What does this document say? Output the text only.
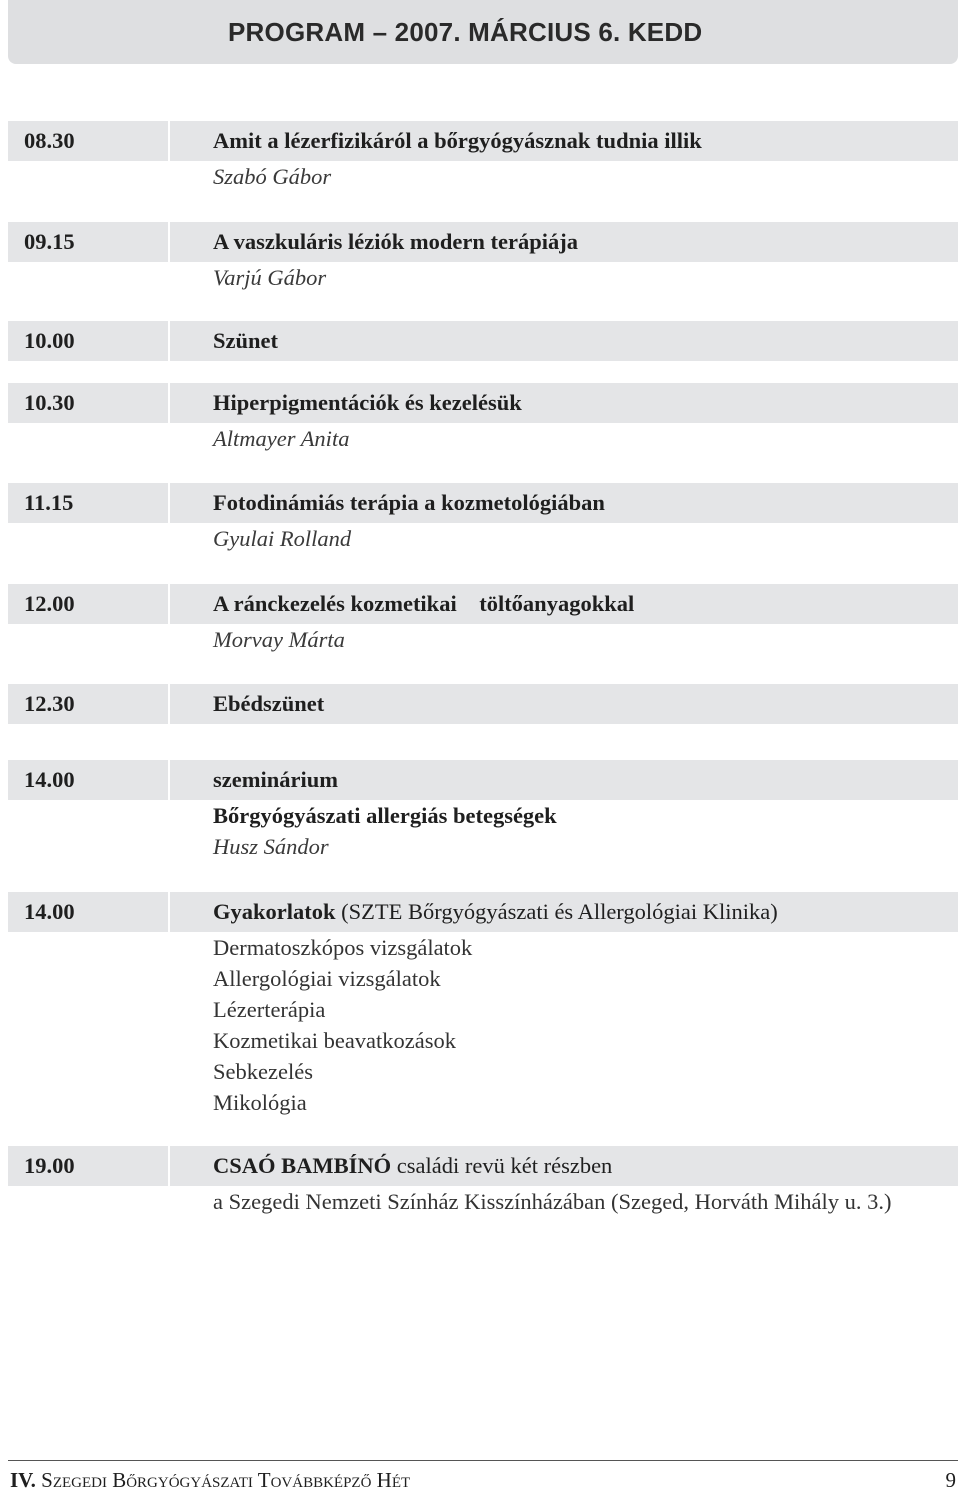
PROGRAM – 2007. MÁRCIUS 6. KEDD
08.30	Amit a lézerfizikáról a bőrgyógyásznak tudnia illik
Szabó Gábor
09.15	A vaszkuláris léziók modern terápiája
Varjú Gábor
10.00	Szünet
10.30	Hiperpigmentációk és kezelésük
Altmayer Anita
11.15	Fotodinámiás terápia a kozmetológiában
Gyulai Rolland
12.00	A ránckezelés kozmetikai    töltőanyagokkal
Morvay Márta
12.30	Ebédszünet
14.00	szeminárium
Bőrgyógyászati allergiás betegségek
Husz Sándor
14.00	Gyakorlatok (SZTE Bőrgyógyászati és Allergológiai Klinika)
Dermatoszkópos vizsgálatok
Allergológiai vizsgálatok
Lézerterápia
Kozmetikai beavatkozások
Sebkezelés
Mikológia
19.00	CSAÓ BAMBÍNÓ családi revü két részben
a Szegedi Nemzeti Színház Kisszínházában (Szeged, Horváth Mihály u. 3.)
IV. Szegedi Bőrgyógyászati Továbbképző Hét	9
